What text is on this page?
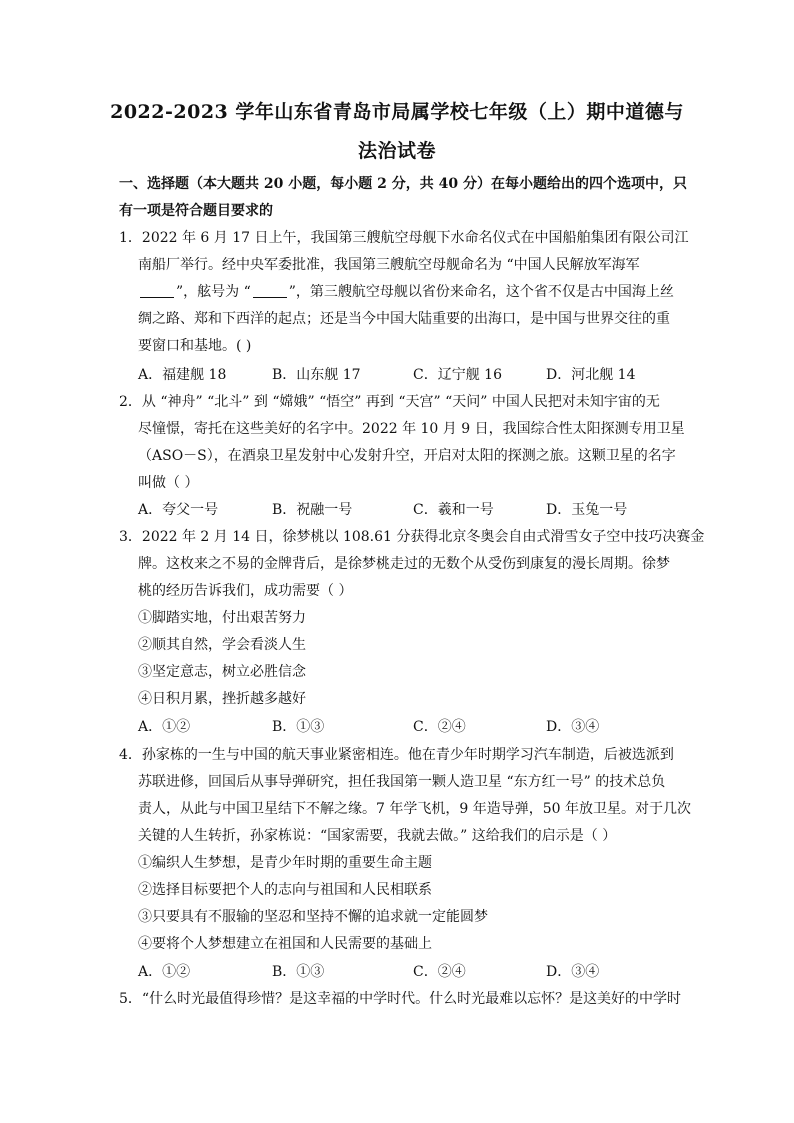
2022-2023 学年山东省青岛市局属学校七年级（上）期中道德与
法治试卷
一、选择题（本大题共 20 小题，每小题 2 分，共 40 分）在每小题给出的四个选项中，只
有一项是符合题目要求的
1．2022 年 6 月 17 日上午，我国第三艘航空母舰下水命名仪式在中国船舶集团有限公司江
南船厂举行。经中央军委批准，我国第三艘航空母舰命名为 “中国人民解放军海军
”，舷号为 “	”，第三艘航空母舰以省份来命名，这个省不仅是古中国海上丝
绸之路、郑和下西洋的起点；还是当今中国大陆重要的出海口，是中国与世界交往的重
要窗口和基地。( )
A．福建舰 18	B．山东舰 17	C．辽宁舰 16	D．河北舰 14
2．从 “神舟” “北斗” 到 “嫦娥” “悟空” 再到 “天宫” “天问” 中国人民把对未知宇宙的无
尽憧憬，寄托在这些美好的名字中。2022 年 10 月 9 日，我国综合性太阳探测专用卫星
（ASO－S），在酒泉卫星发射中心发射升空，开启对太阳的探测之旅。这颗卫星的名字
叫做（ ）
A．夸父一号	B．祝融一号	C．羲和一号	D．玉兔一号
3．2022 年 2 月 14 日，徐梦桃以 108.61 分获得北京冬奥会自由式滑雪女子空中技巧决赛金
牌。这枚来之不易的金牌背后，是徐梦桃走过的无数个从受伤到康复的漫长周期。徐梦
桃的经历告诉我们，成功需要（ ）
①脚踏实地，付出艰苦努力
②顺其自然，学会看淡人生
③坚定意志，树立必胜信念
④日积月累，挫折越多越好
A．①②	B．①③	C．②④	D．③④
4．孙家栋的一生与中国的航天事业紧密相连。他在青少年时期学习汽车制造，后被选派到
苏联进修，回国后从事导弹研究，担任我国第一颗人造卫星 “东方红一号” 的技术总负
责人，从此与中国卫星结下不解之缘。7 年学飞机，9 年造导弹，50 年放卫星。对于几次
关键的人生转折，孙家栋说：“国家需要，我就去做。” 这给我们的启示是（ ）
①编织人生梦想，是青少年时期的重要生命主题
②选择目标要把个人的志向与祖国和人民相联系
③只要具有不服输的坚忍和坚持不懈的追求就一定能圆梦
④要将个人梦想建立在祖国和人民需要的基础上
A．①②	B．①③	C．②④	D．③④
5．“什么时光最值得珍惜？是这幸福的中学时代。什么时光最难以忘怀？是这美好的中学时
